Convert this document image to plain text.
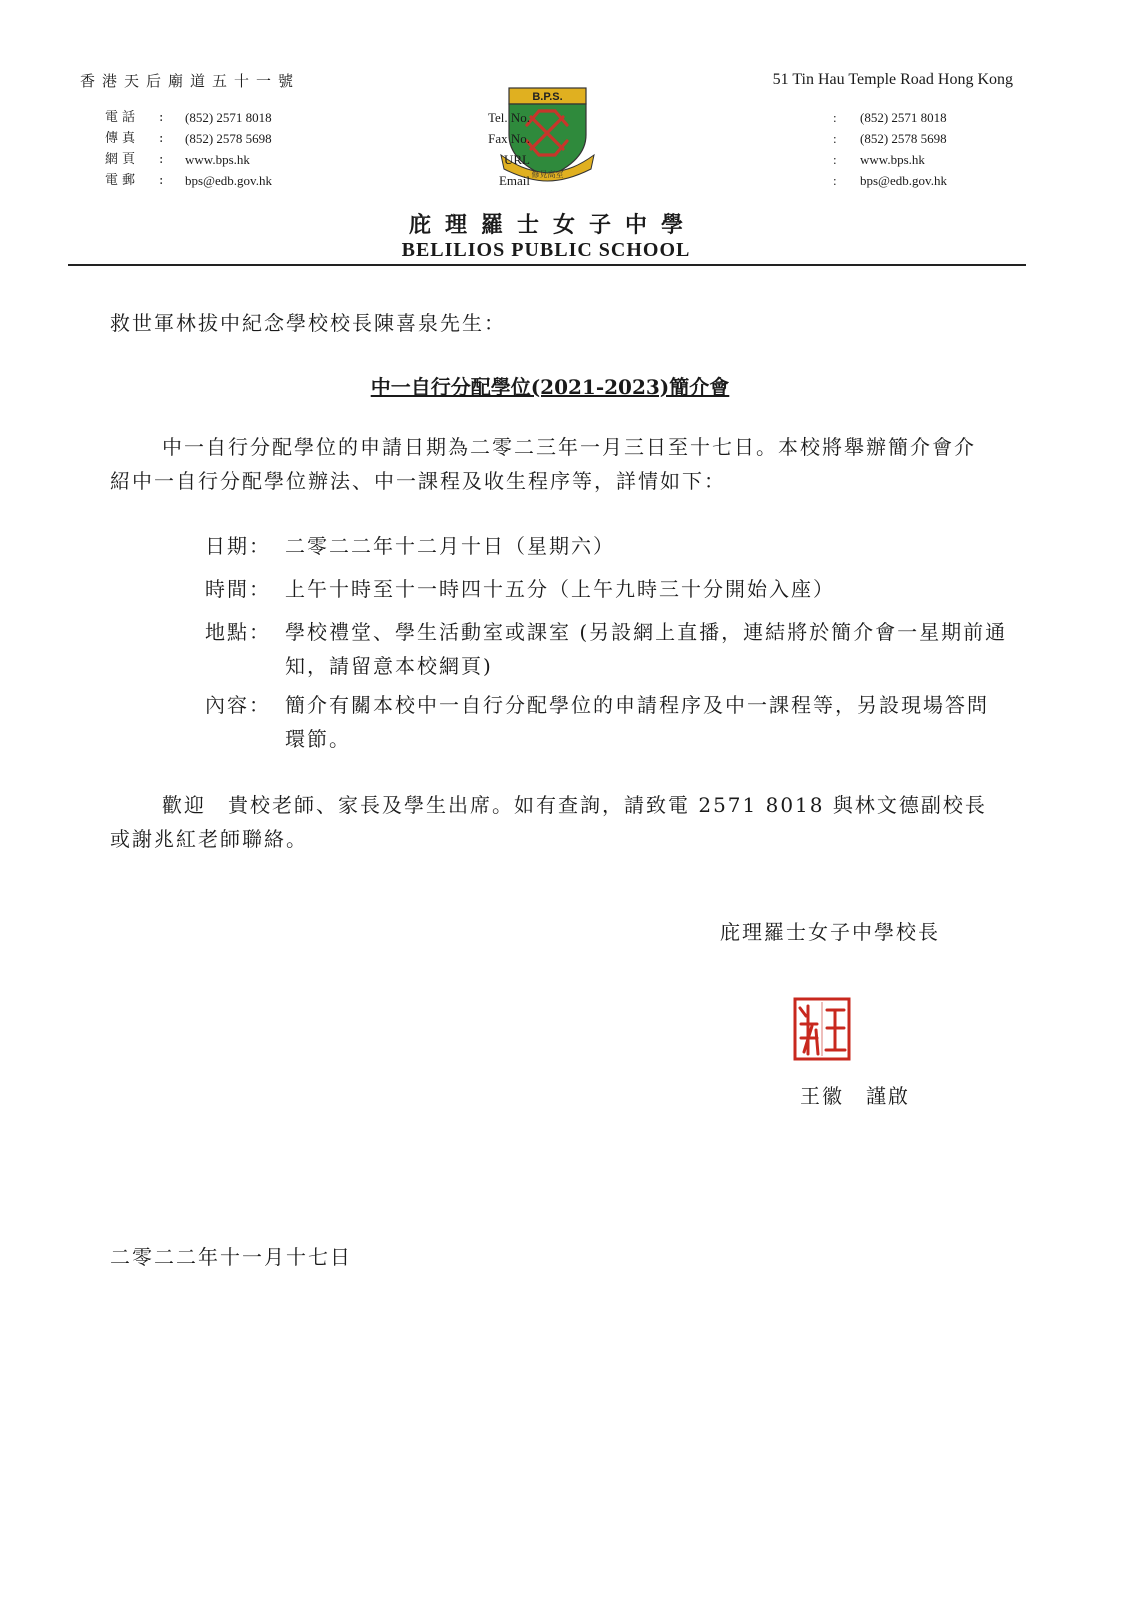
香港天后廟道五十一號	51 Tin Hau Temple Road Hong Kong
電話 : (852) 2571 8018
傳真 : (852) 2578 5698
網頁 : www.bps.hk
電郵 : bps@edb.gov.hk
B.P.S.
修見高室
Tel. No.	: (852) 2571 8018
Fax No.	: (852) 2578 5698
URL	: www.bps.hk
Email	: bps@edb.gov.hk
庇理羅士女子中學
BELILIOS PUBLIC SCHOOL
救世軍林拔中紀念學校校長陳喜泉先生：
中一自行分配學位(2021-2023)簡介會
中一自行分配學位的申請日期為二零二三年一月三日至十七日。本校將舉辦簡介會介紹中一自行分配學位辦法、中一課程及收生程序等，詳情如下：
日期： 二零二二年十二月十日（星期六）
時間： 上午十時至十一時四十五分（上午九時三十分開始入座）
地點： 學校禮堂、學生活動室或課室 (另設網上直播，連結將於簡介會一星期前通知，請留意本校網頁)
內容： 簡介有關本校中一自行分配學位的申請程序及中一課程等，另設現場答問環節。
歡迎　貴校老師、家長及學生出席。如有查詢，請致電 2571 8018 與林文德副校長或謝兆紅老師聯絡。
庇理羅士女子中學校長
王徽　謹啟
二零二二年十一月十七日
